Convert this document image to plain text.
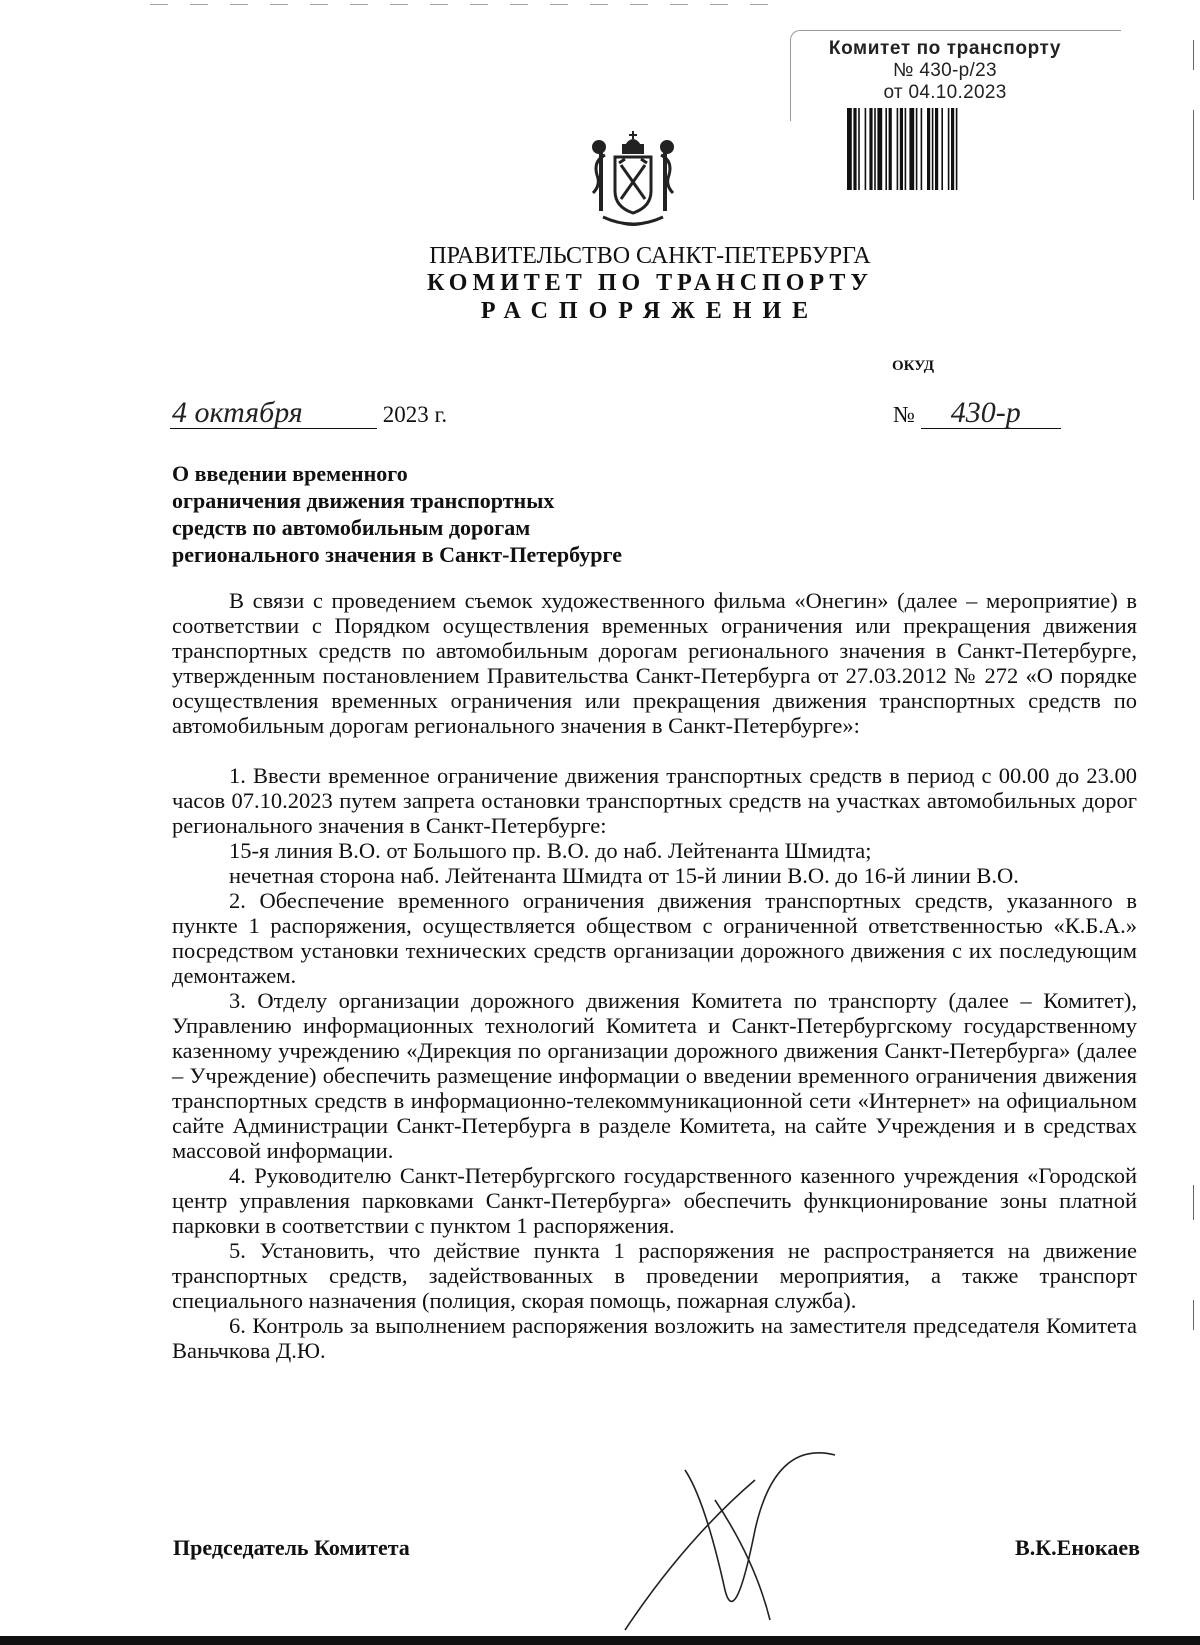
Комитет по транспорту
№ 430-р/23
от 04.10.2023
ПРАВИТЕЛЬСТВО САНКТ-ПЕТЕРБУРГА
КОМИТЕТ ПО ТРАНСПОРТУ
РАСПОРЯЖЕНИЕ
ОКУД
4 октября	2023 г.	№ 430-р
О введении временного
ограничения движения транспортных
средств по автомобильным дорогам
регионального значения в Санкт-Петербурге

В связи с проведением съемок художественного фильма «Онегин» (далее – мероприятие) в соответствии с Порядком осуществления временных ограничения или прекращения движения транспортных средств по автомобильным дорогам регионального значения в Санкт-Петербурге, утвержденным постановлением Правительства Санкт-Петербурга от 27.03.2012 № 272 «О порядке осуществления временных ограничения или прекращения движения транспортных средств по автомобильным дорогам регионального значения в Санкт-Петербурге»:

1. Ввести временное ограничение движения транспортных средств в период с 00.00 до 23.00 часов 07.10.2023 путем запрета остановки транспортных средств на участках автомобильных дорог регионального значения в Санкт-Петербурге:

15-я линия В.О. от Большого пр. В.О. до наб. Лейтенанта Шмидта;

нечетная сторона наб. Лейтенанта Шмидта от 15-й линии В.О. до 16-й линии В.О.

2. Обеспечение временного ограничения движения транспортных средств, указанного в пункте 1 распоряжения, осуществляется обществом с ограниченной ответственностью «К.Б.А.» посредством установки технических средств организации дорожного движения с их последующим демонтажем.

3. Отделу организации дорожного движения Комитета по транспорту (далее – Комитет), Управлению информационных технологий Комитета и Санкт-Петербургскому государственному казенному учреждению «Дирекция по организации дорожного движения Санкт-Петербурга» (далее – Учреждение) обеспечить размещение информации о введении временного ограничения движения транспортных средств в информационно-телекоммуникационной сети «Интернет» на официальном сайте Администрации Санкт-Петербурга в разделе Комитета, на сайте Учреждения и в средствах массовой информации.

4. Руководителю Санкт-Петербургского государственного казенного учреждения «Городской центр управления парковками Санкт-Петербурга» обеспечить функционирование зоны платной парковки в соответствии с пунктом 1 распоряжения.

5. Установить, что действие пункта 1 распоряжения не распространяется на движение транспортных средств, задействованных в проведении мероприятия, а также транспорт специального назначения (полиция, скорая помощь, пожарная служба).

6. Контроль за выполнением распоряжения возложить на заместителя председателя Комитета Ваньчкова Д.Ю.

Председатель Комитета	В.К.Енокаев
